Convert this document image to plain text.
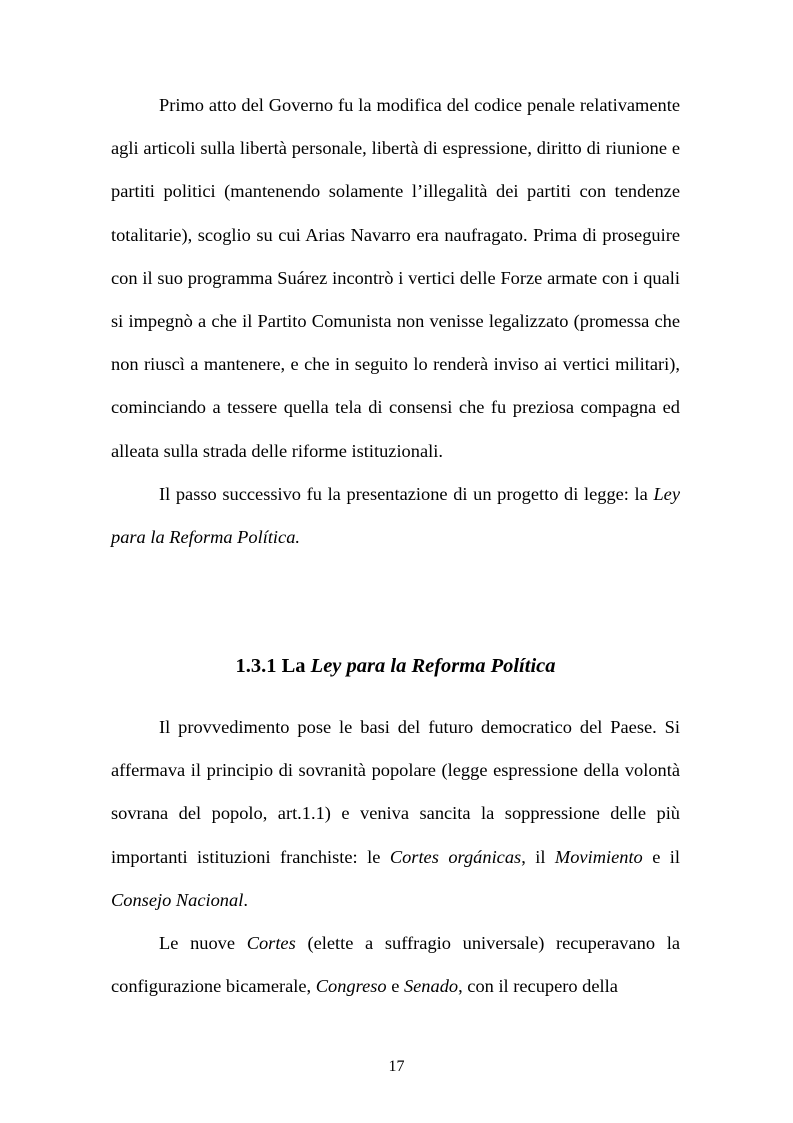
Primo atto del Governo fu la modifica del codice penale relativamente agli articoli sulla libertà personale, libertà di espressione, diritto di riunione e partiti politici (mantenendo solamente l’illegalità dei partiti con tendenze totalitarie), scoglio su cui Arias Navarro era naufragato. Prima di proseguire con il suo programma Suárez incontrò i vertici delle Forze armate con i quali si impegnò a che il Partito Comunista non venisse legalizzato (promessa che non riuscì a mantenere, e che in seguito lo renderà inviso ai vertici militari), cominciando a tessere quella tela di consensi che fu preziosa compagna ed alleata sulla strada delle riforme istituzionali.

Il passo successivo fu la presentazione di un progetto di legge: la Ley para la Reforma Política.

1.3.1 La Ley para la Reforma Política

Il provvedimento pose le basi del futuro democratico del Paese. Si affermava il principio di sovranità popolare (legge espressione della volontà sovrana del popolo, art.1.1) e veniva sancita la soppressione delle più importanti istituzioni franchiste: le Cortes orgánicas, il Movimiento e il Consejo Nacional.

Le nuove Cortes (elette a suffragio universale) recuperavano la configurazione bicamerale, Congreso e Senado, con il recupero della

17
